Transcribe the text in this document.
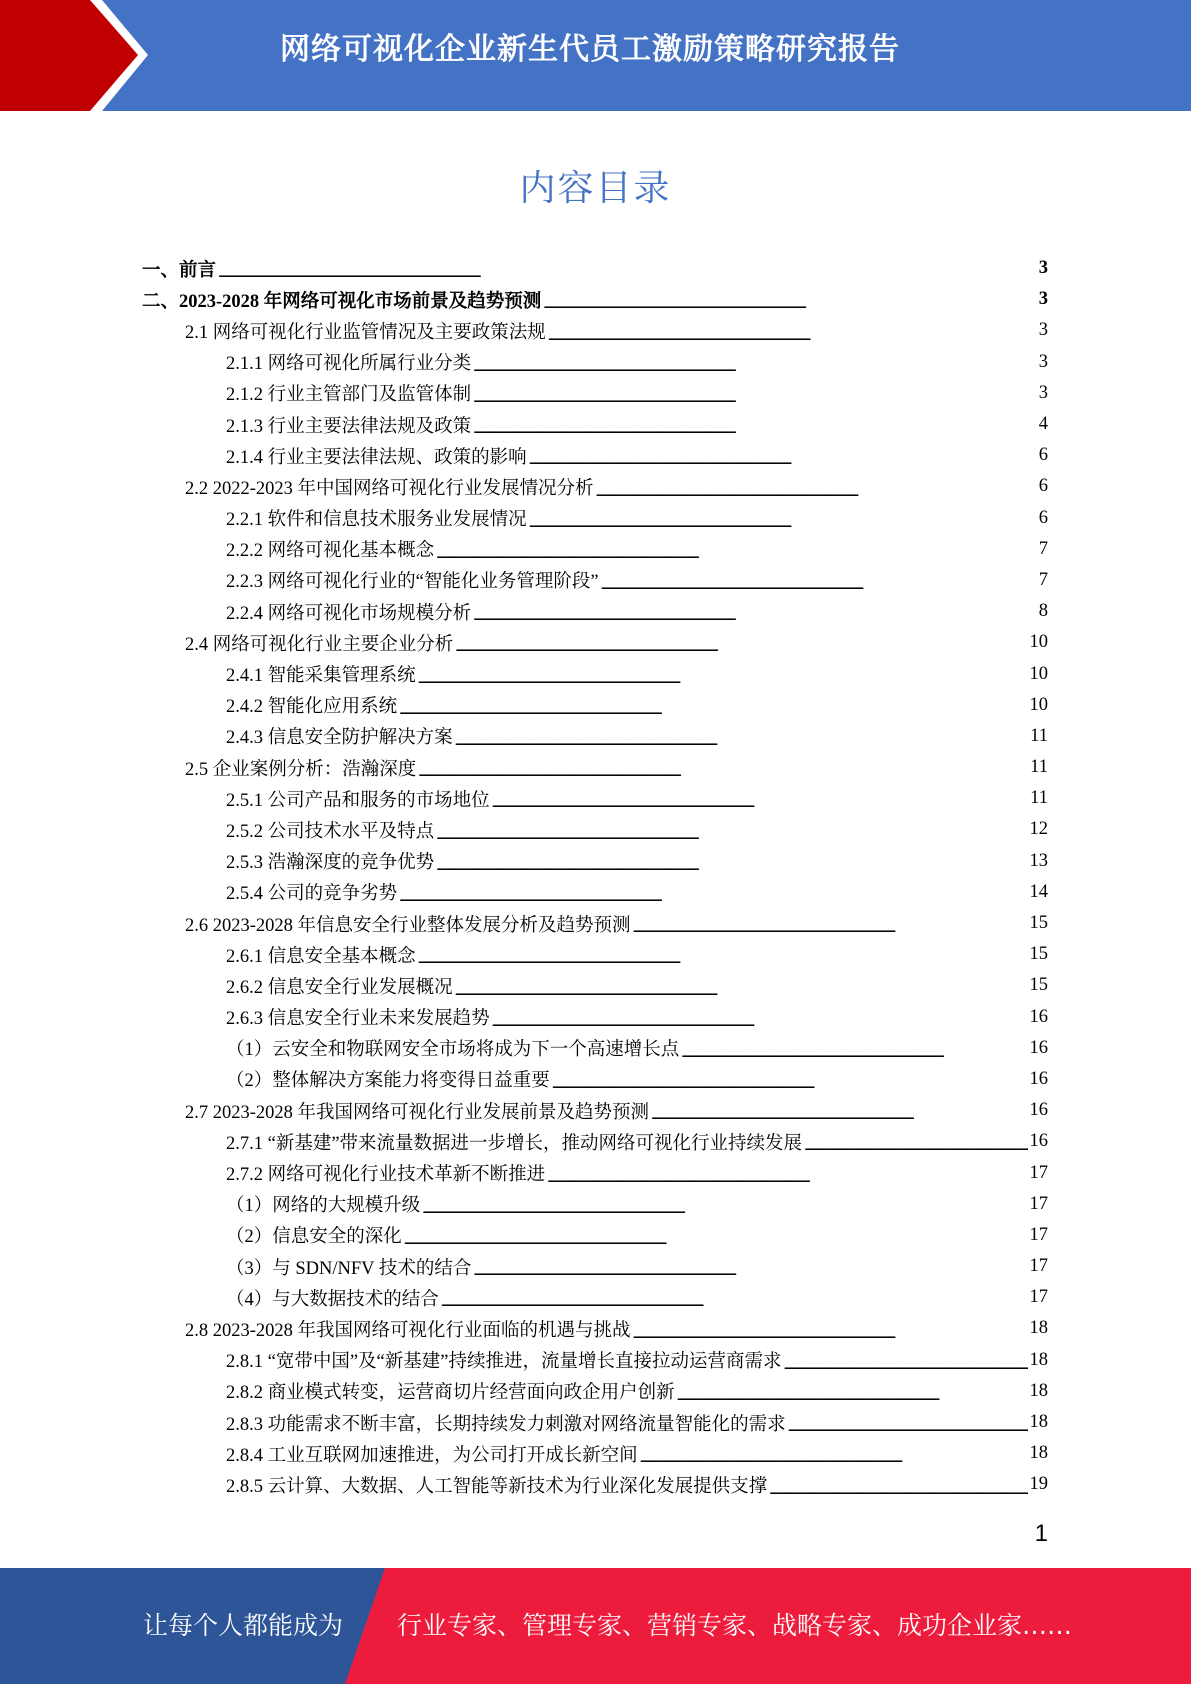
网络可视化企业新生代员工激励策略研究报告
内容目录
一、前言 . . .	3
二、2023-2028 年网络可视化市场前景及趋势预测 . . .	3
2.1 网络可视化行业监管情况及主要政策法规 . . .	3
2.1.1 网络可视化所属行业分类 . . .	3
2.1.2 行业主管部门及监管体制 . . .	3
2.1.3 行业主要法律法规及政策 . . .	4
2.1.4 行业主要法律法规、政策的影响 . . .	6
2.2 2022-2023 年中国网络可视化行业发展情况分析 . . .	6
2.2.1 软件和信息技术服务业发展情况 . . .	6
2.2.2 网络可视化基本概念 . . .	7
2.2.3 网络可视化行业的“智能化业务管理阶段” . . .	7
2.2.4 网络可视化市场规模分析 . . .	8
2.4 网络可视化行业主要企业分析 . . .	10
2.4.1 智能采集管理系统 . . .	10
2.4.2 智能化应用系统 . . .	10
2.4.3 信息安全防护解决方案 . . .	11
2.5 企业案例分析：浩瀚深度 . . .	11
2.5.1 公司产品和服务的市场地位 . . .	11
2.5.2 公司技术水平及特点 . . .	12
2.5.3 浩瀚深度的竞争优势 . . .	13
2.5.4 公司的竞争劣势 . . .	14
2.6 2023-2028 年信息安全行业整体发展分析及趋势预测 . . .	15
2.6.1 信息安全基本概念 . . .	15
2.6.2 信息安全行业发展概况 . . .	15
2.6.3 信息安全行业未来发展趋势 . . .	16
（1）云安全和物联网安全市场将成为下一个高速增长点 . . .	16
（2）整体解决方案能力将变得日益重要 . . .	16
2.7 2023-2028 年我国网络可视化行业发展前景及趋势预测 . . .	16
2.7.1 “新基建”带来流量数据进一步增长，推动网络可视化行业持续发展 . . .	16
2.7.2 网络可视化行业技术革新不断推进 . . .	17
（1）网络的大规模升级 . . .	17
（2）信息安全的深化 . . .	17
（3）与 SDN/NFV 技术的结合 . . .	17
（4）与大数据技术的结合 . . .	17
2.8 2023-2028 年我国网络可视化行业面临的机遇与挑战 . . .	18
2.8.1 “宽带中国”及“新基建”持续推进，流量增长直接拉动运营商需求 . . .	18
2.8.2 商业模式转变，运营商切片经营面向政企用户创新 . . .	18
2.8.3 功能需求不断丰富，长期持续发力刺激对网络流量智能化的需求 . . .	18
2.8.4 工业互联网加速推进，为公司打开成长新空间 . . .	18
2.8.5 云计算、大数据、人工智能等新技术为行业深化发展提供支撑 . . .	19
1
让每个人都能成为 行业专家、管理专家、营销专家、战略专家、成功企业家……
